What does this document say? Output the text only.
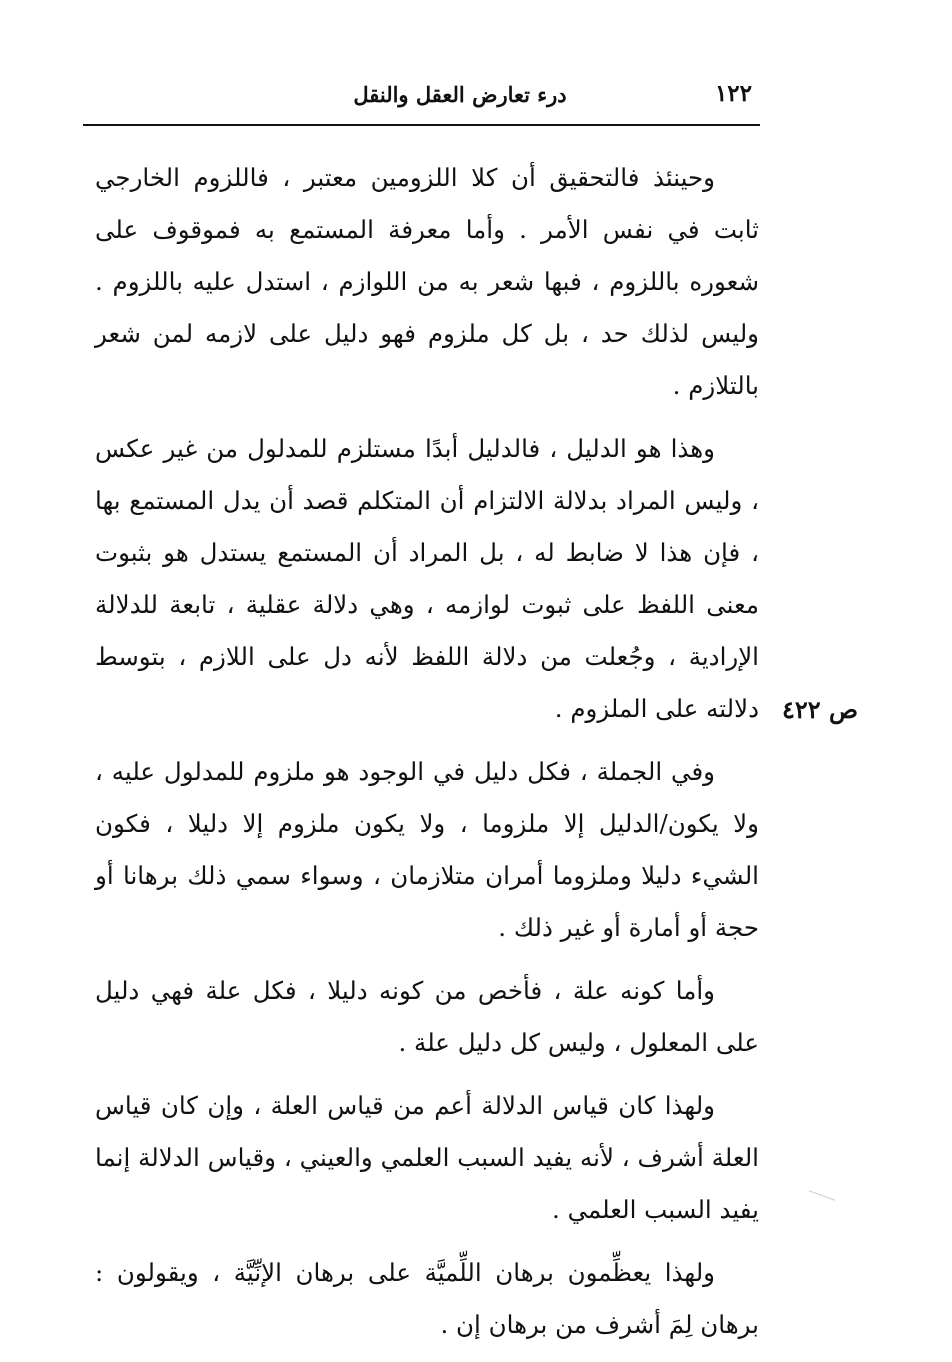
١٢٢
درء تعارض العقل والنقل
ص ٤٢٢

وحينئذ فالتحقيق أن كلا اللزومين معتبر ، فاللزوم الخارجي ثابت في نفس الأمر . وأما معرفة المستمع به فموقوف على شعوره باللزوم ، فبها شعر به من اللوازم ، استدل عليه باللزوم . وليس لذلك حد ، بل كل ملزوم فهو دليل على لازمه لمن شعر بالتلازم .

وهذا هو الدليل ، فالدليل أبدًا مستلزم للمدلول من غير عكس ، وليس المراد بدلالة الالتزام أن المتكلم قصد أن يدل المستمع بها ، فإن هذا لا ضابط له ، بل المراد أن المستمع يستدل هو بثبوت معنى اللفظ على ثبوت لوازمه ، وهي دلالة عقلية ، تابعة للدلالة الإرادية ، وجُعلت من دلالة اللفظ لأنه دل على اللازم ، بتوسط دلالته على الملزوم .

وفي الجملة ، فكل دليل في الوجود هو ملزوم للمدلول عليه ، ولا يكون/الدليل إلا ملزوما ، ولا يكون ملزوم إلا دليلا ، فكون الشيء دليلا وملزوما أمران متلازمان ، وسواء سمي ذلك برهانا أو حجة أو أمارة أو غير ذلك .

وأما كونه علة ، فأخص من كونه دليلا ، فكل علة فهي دليل على المعلول ، وليس كل دليل علة .

ولهذا كان قياس الدلالة أعم من قياس العلة ، وإن كان قياس العلة أشرف ، لأنه يفيد السبب العلمي والعيني ، وقياس الدلالة إنما يفيد السبب العلمي .

ولهذا يعظِّمون برهان اللِّميَّة على برهان الإنِّيَّة ، ويقولون : برهان لِمَ أشرف من برهان إن .
